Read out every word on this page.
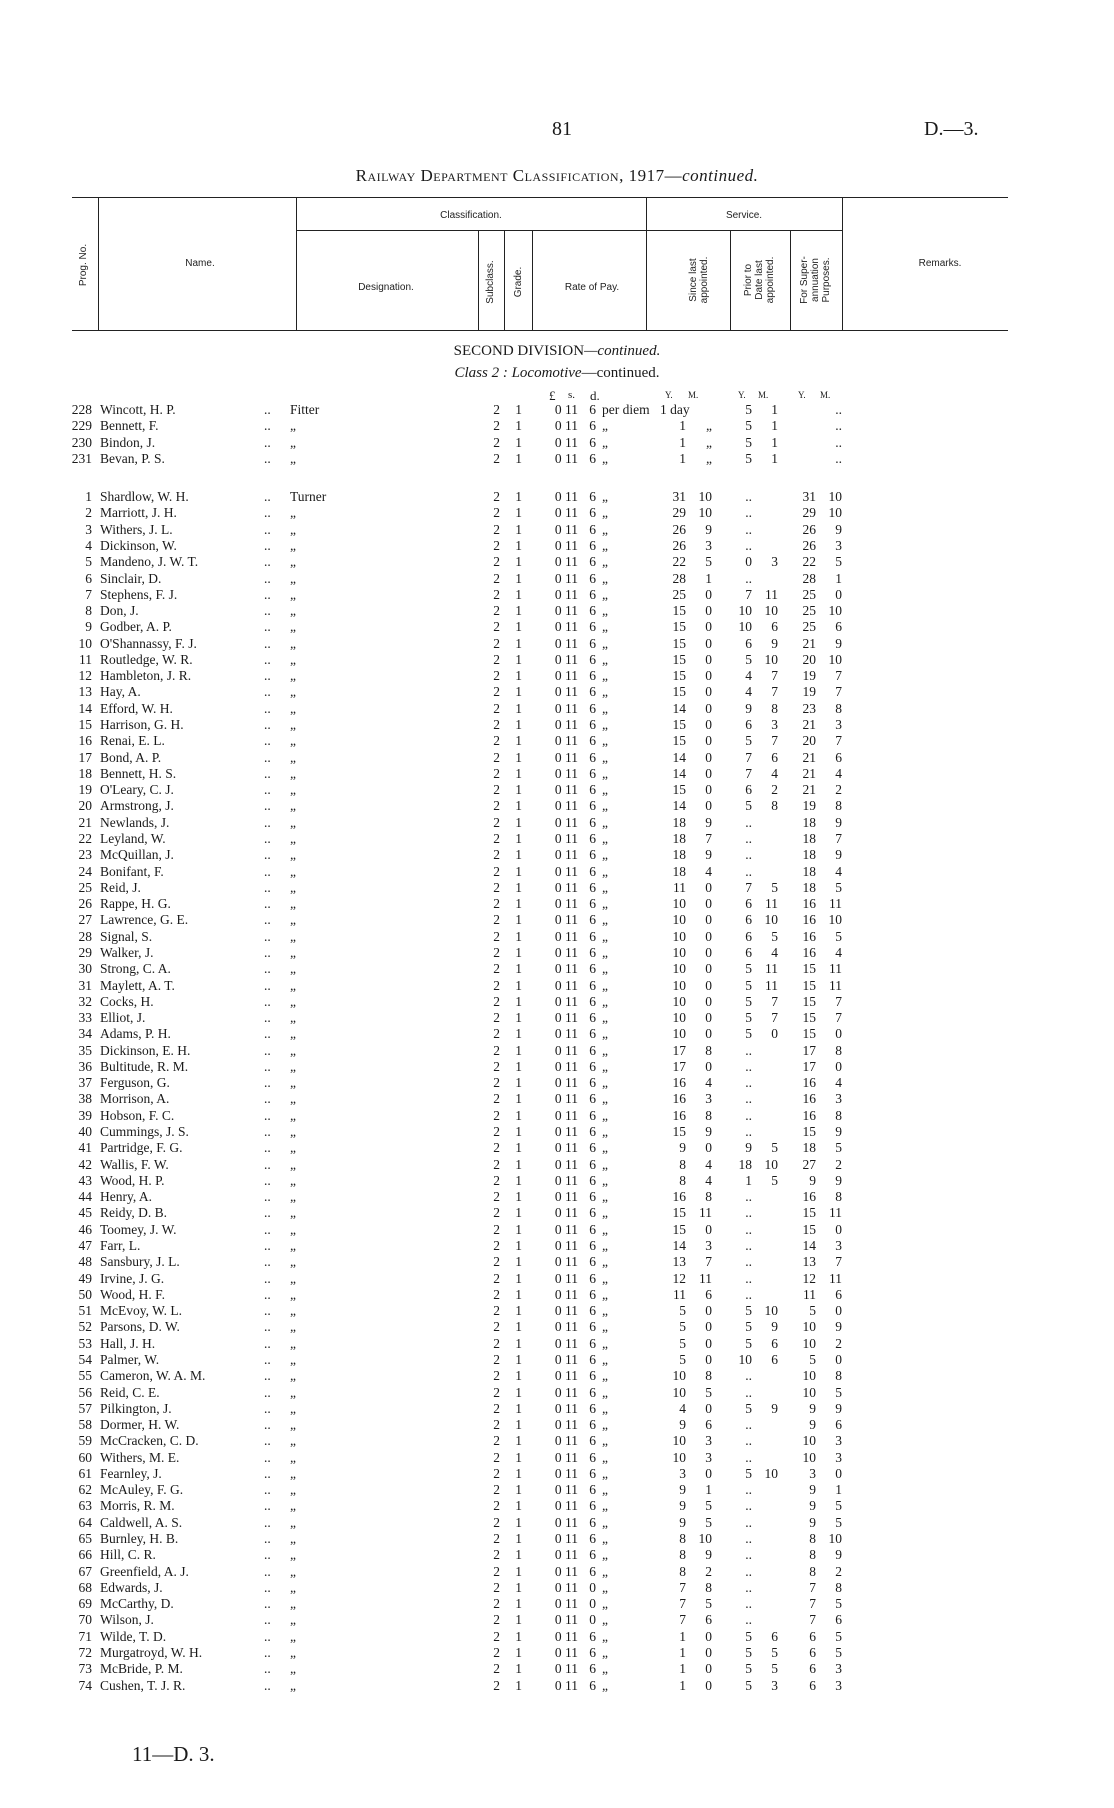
81	D.—3.
Railway Department Classification, 1917—continued.
Prog. No.	Name.
Classification.
Designation.	Subclass. Grade.	Rate of Pay.
Service.
Since last
appointed.	Prior to
Date last
appointed. For Super-
annuation
Purposes.	Remarks.
SECOND DIVISION—continued.
Class 2 : Locomotive—continued.
£ s. d.	Y. M.	Y. M.	Y. M.
228 Wincott, H. P.	..	Fitter	2	1	0 11 6 per diem 1 day	5	1	..
229 Bennett, F.	..	„	2	1	0 11 6 „	1	„	5	1	..
230 Bindon, J.	..	„	2	1	0 11 6 „	1	„	5	1	..
231 Bevan, P. S.	..	„	2	1	0 11 6 „	1	„	5	1	..
1 Shardlow, W. H.	..	Turner	2	1	0 11 6 „	31 10	..	31 10
2 Marriott, J. H.	..	„	2	1	0 11 6 „	29 10	..	29 10
3 Withers, J. L.	..	„	2	1	0 11 6 „	26	9	..	26	9
4 Dickinson, W.	..	„	2	1	0 11 6 „	26	3	..	26	3
5 Mandeno, J. W. T.	..	„	2	1	0 11 6 „	22	5	0	3	22	5
6 Sinclair, D.	..	„	2	1	0 11 6 „	28	1	..	28	1
7 Stephens, F. J.	..	„	2	1	0 11 6 „	25	0	7 11	25	0
8 Don, J.	..	„	2	1	0 11 6 „	15	0	10 10	25 10
9 Godber, A. P.	..	„	2	1	0 11 6 „	15	0	10	6	25	6
10 O'Shannassy, F. J.	..	„	2	1	0 11 6 „	15	0	6	9	21	9
11 Routledge, W. R.	..	„	2	1	0 11 6 „	15	0	5 10	20 10
12 Hambleton, J. R.	..	„	2	1	0 11 6 „	15	0	4	7	19	7
13 Hay, A.	..	„	2	1	0 11 6 „	15	0	4	7	19	7
14 Efford, W. H.	..	„	2	1	0 11 6 „	14	0	9	8	23	8
15 Harrison, G. H.	..	„	2	1	0 11 6 „	15	0	6	3	21	3
16 Renai, E. L.	..	„	2	1	0 11 6 „	15	0	5	7	20	7
17 Bond, A. P.	..	„	2	1	0 11 6 „	14	0	7	6	21	6
18 Bennett, H. S.	..	„	2	1	0 11 6 „	14	0	7	4	21	4
19 O'Leary, C. J.	..	„	2	1	0 11 6 „	15	0	6	2	21	2
20 Armstrong, J.	..	„	2	1	0 11 6 „	14	0	5	8	19	8
21 Newlands, J.	..	„	2	1	0 11 6 „	18	9	..	18	9
22 Leyland, W.	..	„	2	1	0 11 6 „	18	7	..	18	7
23 McQuillan, J.	..	„	2	1	0 11 6 „	18	9	..	18	9
24 Bonifant, F.	..	„	2	1	0 11 6 „	18	4	..	18	4
25 Reid, J.	..	„	2	1	0 11 6 „	11	0	7	5	18	5
26 Rappe, H. G.	..	„	2	1	0 11 6 „	10	0	6 11	16 11
27 Lawrence, G. E.	..	„	2	1	0 11 6 „	10	0	6 10	16 10
28 Signal, S.	..	„	2	1	0 11 6 „	10	0	6	5	16	5
29 Walker, J.	..	„	2	1	0 11 6 „	10	0	6	4	16	4
30 Strong, C. A.	..	„	2	1	0 11 6 „	10	0	5 11	15 11
31 Maylett, A. T.	..	„	2	1	0 11 6 „	10	0	5 11	15 11
32 Cocks, H.	..	„	2	1	0 11 6 „	10	0	5	7	15	7
33 Elliot, J.	..	„	2	1	0 11 6 „	10	0	5	7	15	7
34 Adams, P. H.	..	„	2	1	0 11 6 „	10	0	5	0	15	0
35 Dickinson, E. H.	..	„	2	1	0 11 6 „	17	8	..	17	8
36 Bultitude, R. M.	..	„	2	1	0 11 6 „	17	0	..	17	0
37 Ferguson, G.	..	„	2	1	0 11 6 „	16	4	..	16	4
38 Morrison, A.	..	„	2	1	0 11 6 „	16	3	..	16	3
39 Hobson, F. C.	..	„	2	1	0 11 6 „	16	8	..	16	8
40 Cummings, J. S.	..	„	2	1	0 11 6 „	15	9	..	15	9
41 Partridge, F. G.	..	„	2	1	0 11 6 „	9	0	9	5	18	5
42 Wallis, F. W.	..	„	2	1	0 11 6 „	8	4	18 10	27	2
43 Wood, H. P.	..	„	2	1	0 11 6 „	8	4	1	5	9	9
44 Henry, A.	..	„	2	1	0 11 6 „	16	8	..	16	8
45 Reidy, D. B.	..	„	2	1	0 11 6 „	15 11	..	15 11
46 Toomey, J. W.	..	„	2	1	0 11 6 „	15	0	..	15	0
47 Farr, L.	..	„	2	1	0 11 6 „	14	3	..	14	3
48 Sansbury, J. L.	..	„	2	1	0 11 6 „	13	7	..	13	7
49 Irvine, J. G.	..	„	2	1	0 11 6 „	12 11	..	12 11
50 Wood, H. F.	..	„	2	1	0 11 6 „	11	6	..	11	6
51 McEvoy, W. L.	..	„	2	1	0 11 6 „	5	0	5 10	5	0
52 Parsons, D. W.	..	„	2	1	0 11 6 „	5	0	5	9	10	9
53 Hall, J. H.	..	„	2	1	0 11 6 „	5	0	5	6	10	2
54 Palmer, W.	..	„	2	1	0 11 6 „	5	0	10	6	5	0
55 Cameron, W. A. M.	..	„	2	1	0 11 6 „	10	8	..	10	8
56 Reid, C. E.	..	„	2	1	0 11 6 „	10	5	..	10	5
57 Pilkington, J.	..	„	2	1	0 11 6 „	4	0	5	9	9	9
58 Dormer, H. W.	..	„	2	1	0 11 6 „	9	6	..	9	6
59 McCracken, C. D.	..	„	2	1	0 11 6 „	10	3	..	10	3
60 Withers, M. E.	..	„	2	1	0 11 6 „	10	3	..	10	3
61 Fearnley, J.	..	„	2	1	0 11 6 „	3	0	5 10	3	0
62 McAuley, F. G.	..	„	2	1	0 11 6 „	9	1	..	9	1
63 Morris, R. M.	..	„	2	1	0 11 6 „	9	5	..	9	5
64 Caldwell, A. S.	..	„	2	1	0 11 6 „	9	5	..	9	5
65 Burnley, H. B.	..	„	2	1	0 11 6 „	8 10	..	8 10
66 Hill, C. R.	..	„	2	1	0 11 6 „	8	9	..	8	9
67 Greenfield, A. J.	..	„	2	1	0 11 6 „	8	2	..	8	2
68 Edwards, J.	..	„	2	1	0 11 0 „	7	8	..	7	8
69 McCarthy, D.	..	„	2	1	0 11 0 „	7	5	..	7	5
70 Wilson, J.	..	„	2	1	0 11 0 „	7	6	..	7	6
71 Wilde, T. D.	..	„	2	1	0 11 6 „	1	0	5	6	6	5
72 Murgatroyd, W. H.	..	„	2	1	0 11 6 „	1	0	5	5	6	5
73 McBride, P. M.	..	„	2	1	0 11 6 „	1	0	5	5	6	3
74 Cushen, T. J. R.	..	„	2	1	0 11 6 „	1	0	5	3	6	3
11—D. 3.
